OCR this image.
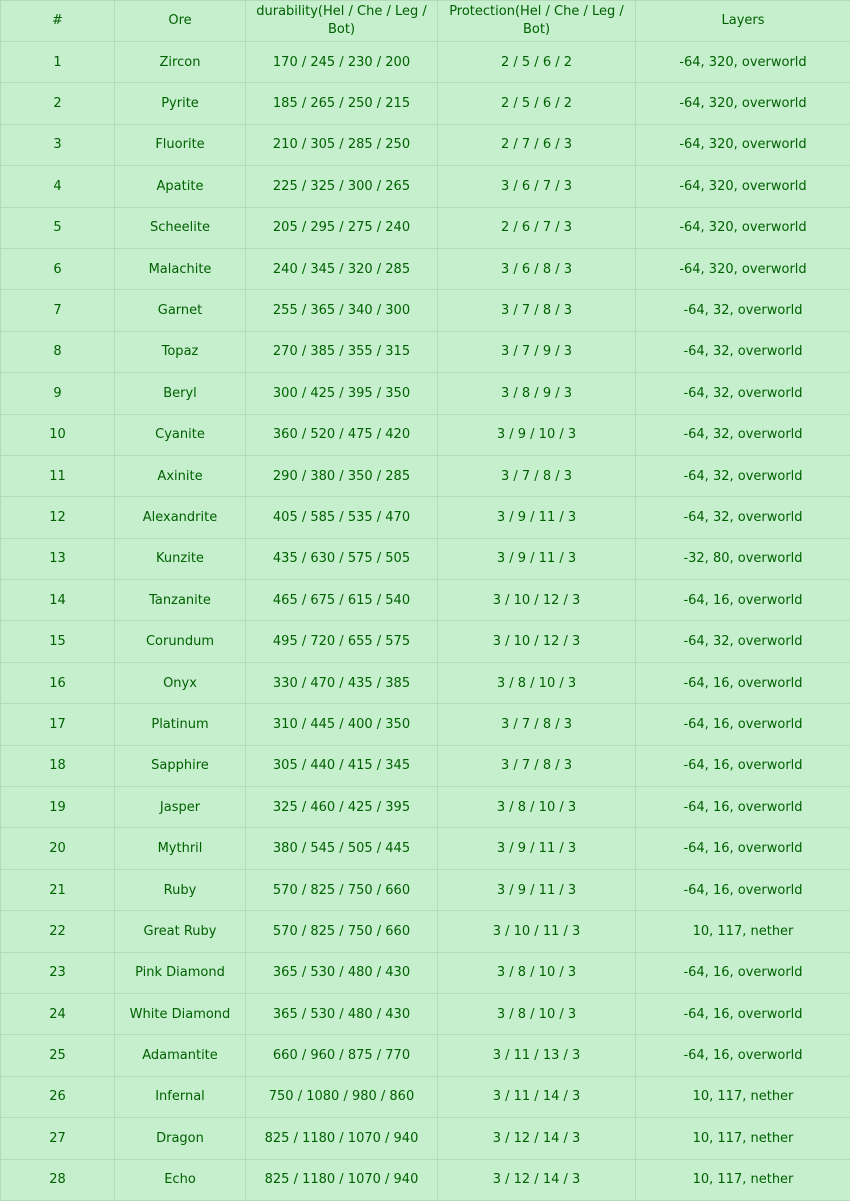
#	Ore	durability(Hel / Che / Leg / Bot)	Protection(Hel / Che / Leg / Bot)	Layers

1	Zircon	170 / 245 / 230 / 200	2 / 5 / 6 / 2	-64, 320, overworld
2	Pyrite	185 / 265 / 250 / 215	2 / 5 / 6 / 2	-64, 320, overworld
3	Fluorite	210 / 305 / 285 / 250	2 / 7 / 6 / 3	-64, 320, overworld
4	Apatite	225 / 325 / 300 / 265	3 / 6 / 7 / 3	-64, 320, overworld
5	Scheelite	205 / 295 / 275 / 240	2 / 6 / 7 / 3	-64, 320, overworld
6	Malachite	240 / 345 / 320 / 285	3 / 6 / 8 / 3	-64, 320, overworld
7	Garnet	255 / 365 / 340 / 300	3 / 7 / 8 / 3	-64, 32, overworld
8	Topaz	270 / 385 / 355 / 315	3 / 7 / 9 / 3	-64, 32, overworld
9	Beryl	300 / 425 / 395 / 350	3 / 8 / 9 / 3	-64, 32, overworld
10	Cyanite	360 / 520 / 475 / 420	3 / 9 / 10 / 3	-64, 32, overworld
11	Axinite	290 / 380 / 350 / 285	3 / 7 / 8 / 3	-64, 32, overworld
12	Alexandrite	405 / 585 / 535 / 470	3 / 9 / 11 / 3	-64, 32, overworld
13	Kunzite	435 / 630 / 575 / 505	3 / 9 / 11 / 3	-32, 80, overworld
14	Tanzanite	465 / 675 / 615 / 540	3 / 10 / 12 / 3	-64, 16, overworld
15	Corundum	495 / 720 / 655 / 575	3 / 10 / 12 / 3	-64, 32, overworld
16	Onyx	330 / 470 / 435 / 385	3 / 8 / 10 / 3	-64, 16, overworld
17	Platinum	310 / 445 / 400 / 350	3 / 7 / 8 / 3	-64, 16, overworld
18	Sapphire	305 / 440 / 415 / 345	3 / 7 / 8 / 3	-64, 16, overworld
19	Jasper	325 / 460 / 425 / 395	3 / 8 / 10 / 3	-64, 16, overworld
20	Mythril	380 / 545 / 505 / 445	3 / 9 / 11 / 3	-64, 16, overworld
21	Ruby	570 / 825 / 750 / 660	3 / 9 / 11 / 3	-64, 16, overworld
22	Great Ruby	570 / 825 / 750 / 660	3 / 10 / 11 / 3	10, 117, nether
23	Pink Diamond	365 / 530 / 480 / 430	3 / 8 / 10 / 3	-64, 16, overworld
24	White Diamond	365 / 530 / 480 / 430	3 / 8 / 10 / 3	-64, 16, overworld
25	Adamantite	660 / 960 / 875 / 770	3 / 11 / 13 / 3	-64, 16, overworld
26	Infernal	750 / 1080 / 980 / 860	3 / 11 / 14 / 3	10, 117, nether
27	Dragon	825 / 1180 / 1070 / 940	3 / 12 / 14 / 3	10, 117, nether
28	Echo	825 / 1180 / 1070 / 940	3 / 12 / 14 / 3	10, 117, nether
